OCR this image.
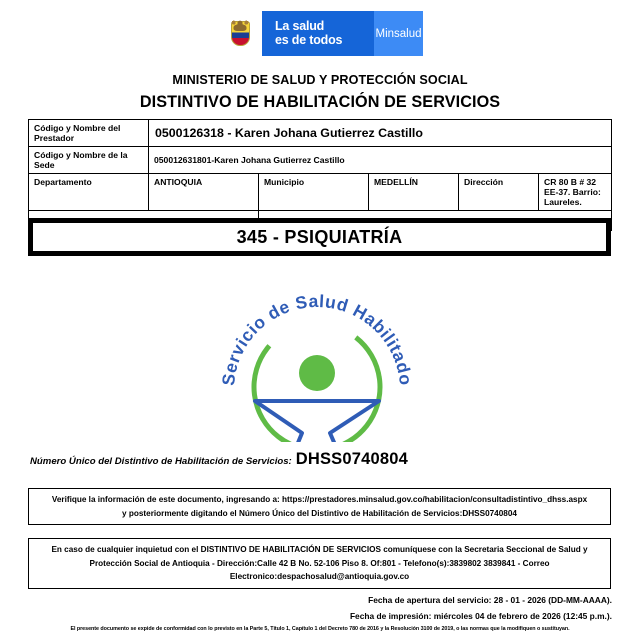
La salud
es de todos	Minsalud
MINISTERIO DE SALUD Y PROTECCIÓN SOCIAL
DISTINTIVO DE HABILITACIÓN DE SERVICIOS
Código y Nombre del Prestador	0500126318 - Karen Johana Gutierrez Castillo				
Código y Nombre de la Sede	050012631801-Karen Johana Gutierrez Castillo				
Departamento	ANTIOQUIA	Municipio	MEDELLÍN	Dirección	CR 80 B # 32 EE-37. Barrio: Laureles.

345 - PSIQUIATRÍA
Servicio de Salud Habilitado
Número Único del Distintivo de Habilitación de Servicios: DHSS0740804
Verifique la información de este documento, ingresando a: https://prestadores.minsalud.gov.co/habilitacion/consultadistintivo_dhss.aspx
y posteriormente digitando el Número Único del Distintivo de Habilitación de Servicios:DHSS0740804
En caso de cualquier inquietud con el DISTINTIVO DE HABILITACIÓN DE SERVICIOS comuníquese con la Secretaria Seccional de Salud y
Protección Social de Antioquia - Dirección:Calle 42 B No. 52-106 Piso 8. Of:801 - Telefono(s):3839802 3839841 - Correo
Electronico:despachosalud@antioquia.gov.co
Fecha de apertura del servicio: 28 - 01 - 2026 (DD-MM-AAAA).
Fecha de impresión: miércoles 04 de febrero de 2026 (12:45 p.m.).
El presente documento se expide de conformidad con lo previsto en la Parte 5, Título 1, Capítulo 1 del Decreto 780 de 2016 y la Resolución 3100 de 2019, o las normas que la modifiquen o sustituyan.
